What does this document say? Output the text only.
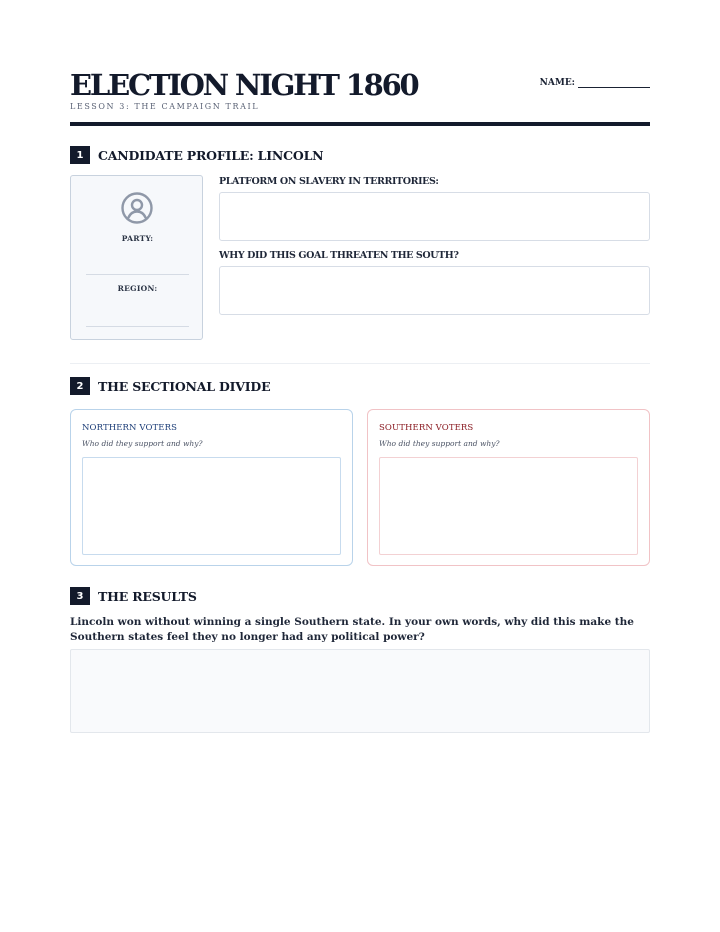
ELECTION NIGHT 1860
LESSON 3: THE CAMPAIGN TRAIL
NAME:
1	CANDIDATE PROFILE: LINCOLN
PARTY:
REGION:
PLATFORM ON SLAVERY IN TERRITORIES:
WHY DID THIS GOAL THREATEN THE SOUTH?
2	THE SECTIONAL DIVIDE
NORTHERN VOTERS
Who did they support and why?
SOUTHERN VOTERS
Who did they support and why?
3	THE RESULTS
Lincoln won without winning a single Southern state. In your own words, why did this make the Southern states feel they no longer had any political power?
